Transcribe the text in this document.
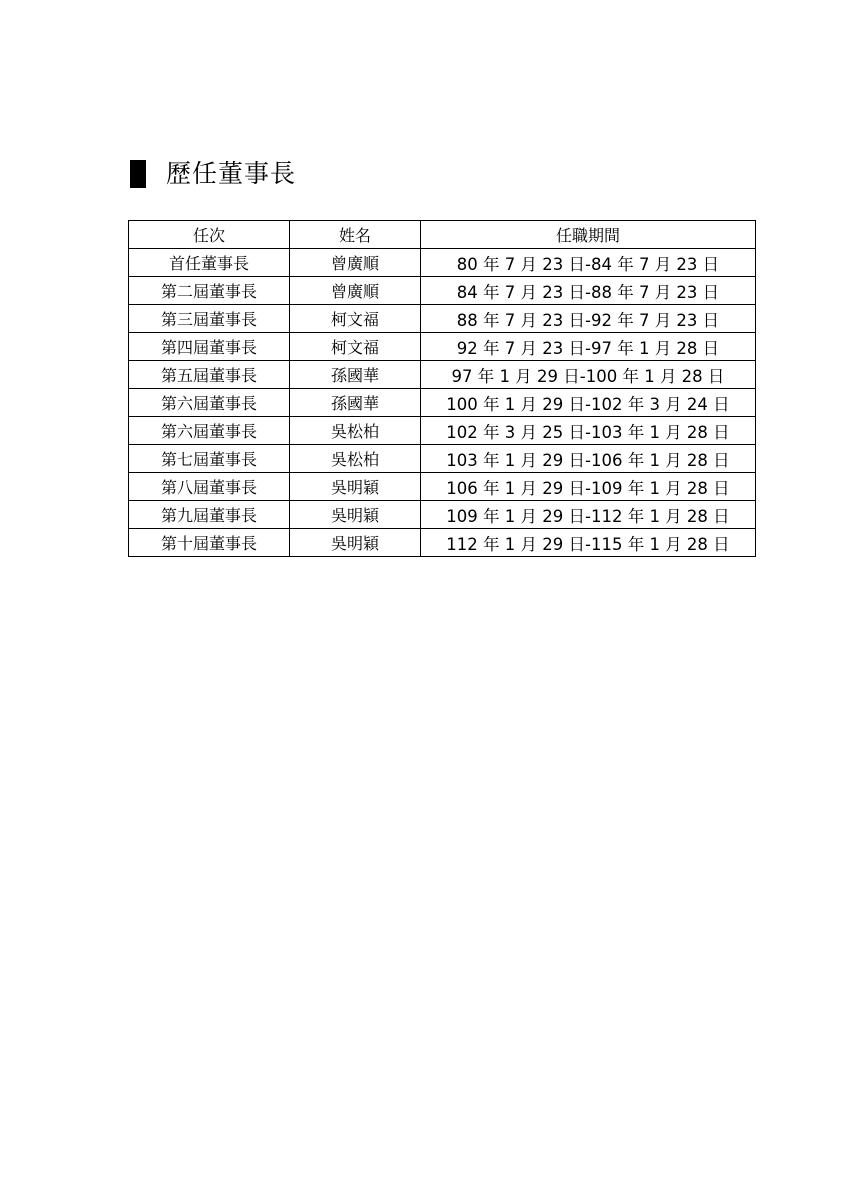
歷任董事長
任次	姓名	任職期間
首任董事長	曾廣順	80 年 7 月 23 日-84 年 7 月 23 日
第二屆董事長	曾廣順	84 年 7 月 23 日-88 年 7 月 23 日
第三屆董事長	柯文福	88 年 7 月 23 日-92 年 7 月 23 日
第四屆董事長	柯文福	92 年 7 月 23 日-97 年 1 月 28 日
第五屆董事長	孫國華	97 年 1 月 29 日-100 年 1 月 28 日
第六屆董事長	孫國華	100 年 1 月 29 日-102 年 3 月 24 日
第六屆董事長	吳松柏	102 年 3 月 25 日-103 年 1 月 28 日
第七屆董事長	吳松柏	103 年 1 月 29 日-106 年 1 月 28 日
第八屆董事長	吳明穎	106 年 1 月 29 日-109 年 1 月 28 日
第九屆董事長	吳明穎	109 年 1 月 29 日-112 年 1 月 28 日
第十屆董事長	吳明穎	112 年 1 月 29 日-115 年 1 月 28 日
